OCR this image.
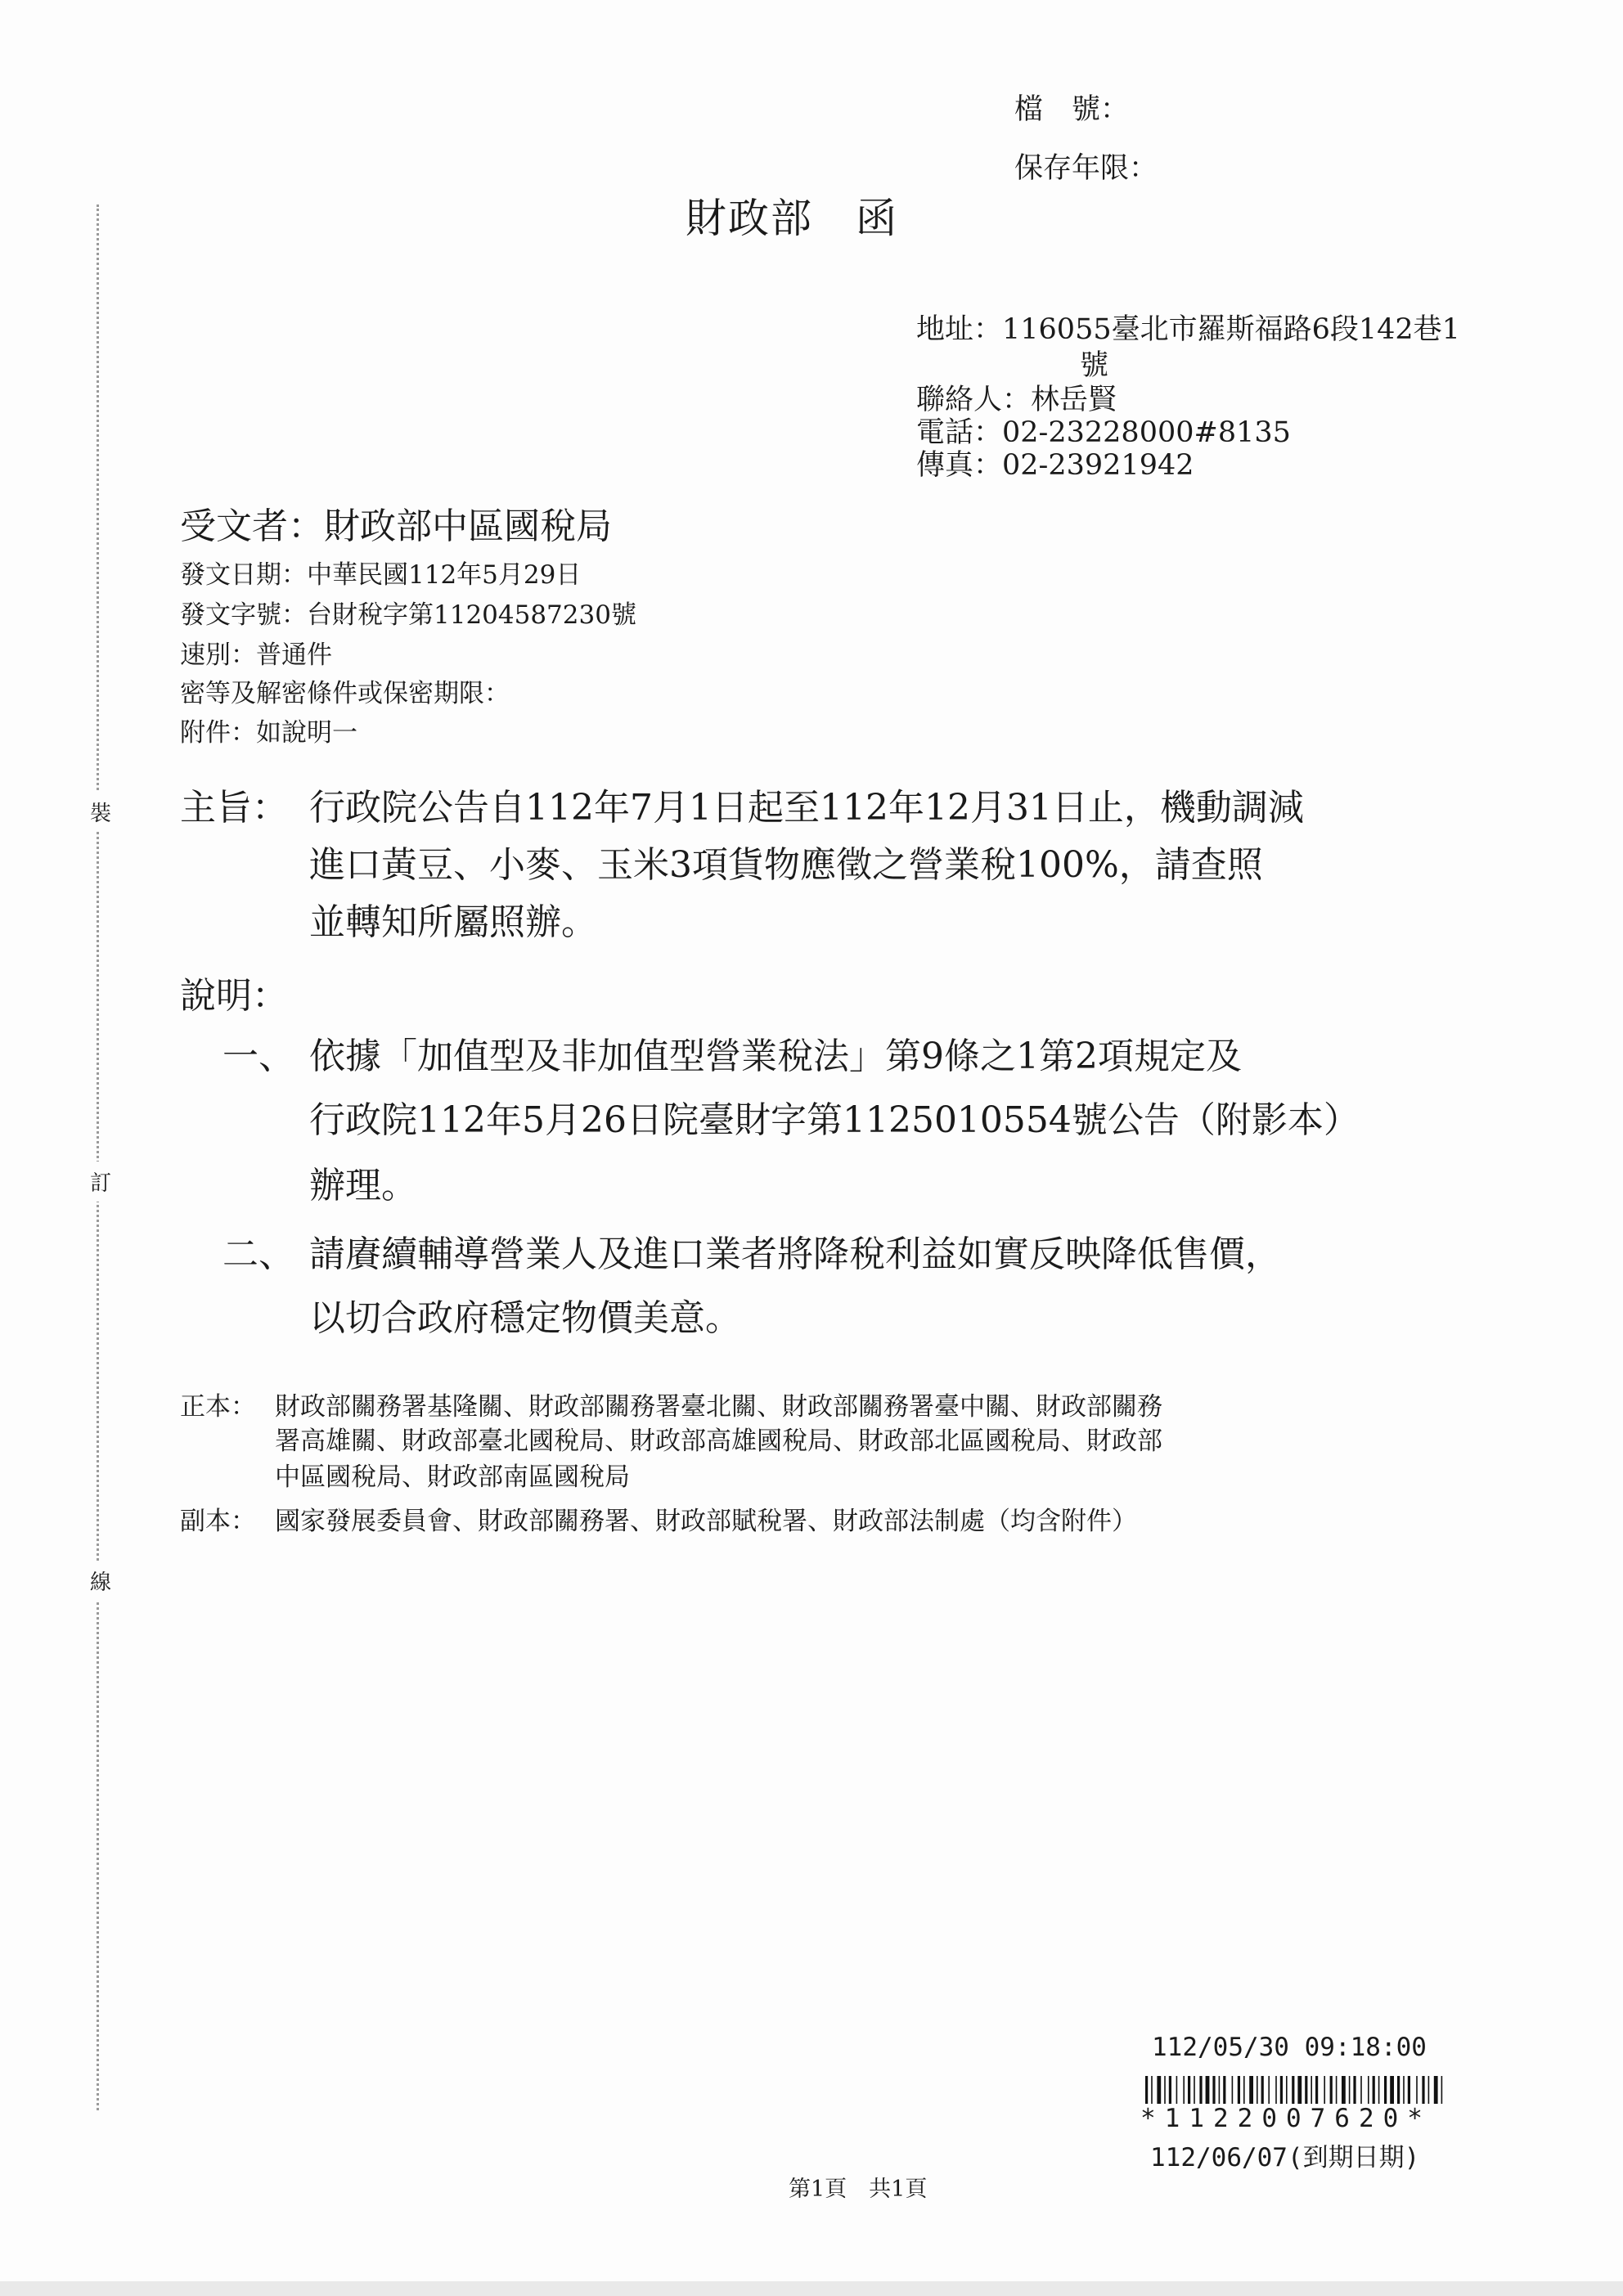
檔　號：
保存年限：
財政部　函
地址：116055臺北市羅斯福路6段142巷1
號
聯絡人：林岳賢
電話：02-23228000#8135
傳真：02-23921942
受文者：財政部中區國稅局
發文日期：中華民國112年5月29日
發文字號：台財稅字第11204587230號
速別：普通件
密等及解密條件或保密期限：
附件：如說明一
主旨： 行政院公告自112年7月1日起至112年12月31日止，機動調減
進口黃豆、小麥、玉米3項貨物應徵之營業稅100%，請查照
並轉知所屬照辦。
說明：
一、 依據「加值型及非加值型營業稅法」第9條之1第2項規定及
行政院112年5月26日院臺財字第1125010554號公告（附影本）
辦理。
二、 請賡續輔導營業人及進口業者將降稅利益如實反映降低售價，
以切合政府穩定物價美意。
正本： 財政部關務署基隆關、財政部關務署臺北關、財政部關務署臺中關、財政部關務
署高雄關、財政部臺北國稅局、財政部高雄國稅局、財政部北區國稅局、財政部
中區國稅局、財政部南區國稅局
副本： 國家發展委員會、財政部關務署、財政部賦稅署、財政部法制處（均含附件）
裝
訂
線
112/05/30 09:18:00
*1122007620*
112/06/07(到期日期)
第1頁　共1頁
